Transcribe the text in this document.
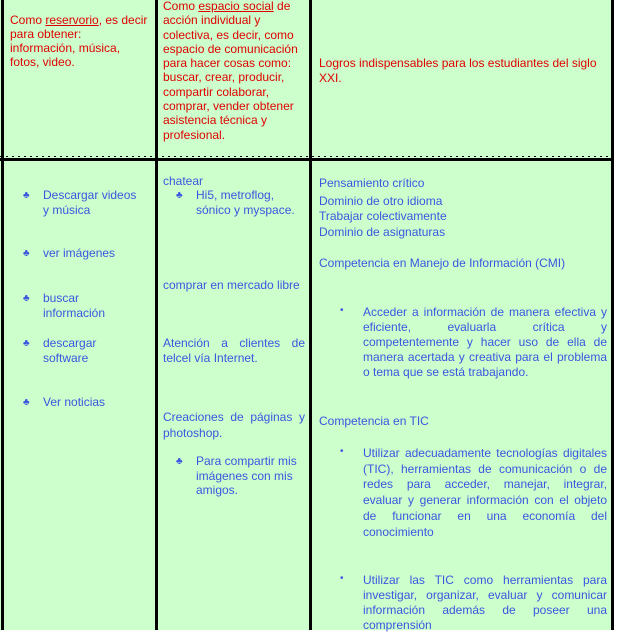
Como reservorio, es decir para obtener: información, música, fotos, video.
Como espacio social de acción individual y colectiva, es decir, como espacio de comunicación para hacer cosas como: buscar, crear, producir, compartir colaborar, comprar, vender obtener asistencia técnica y profesional.
Logros indispensables para los estudiantes del siglo XXI.
♣ Descargar videos y música
♣ ver imágenes
♣ buscar información
♣ descargar software
♣ Ver noticias
chatear
♣ Hi5, metroflog, sónico y myspace.
comprar en mercado libre
Atención a clientes de telcel vía Internet.
Creaciones de páginas y photoshop.
♣ Para compartir mis imágenes con mis amigos.
Pensamiento crítico
Dominio de otro idioma
Trabajar colectivamente
Dominio de asignaturas
Competencia en Manejo de Información (CMI)
• Acceder a información de manera efectiva y eficiente, evaluarla crítica y competentemente y hacer uso de ella de manera acertada y creativa para el problema o tema que se está trabajando.
Competencia en TIC
• Utilizar adecuadamente tecnologías digitales (TIC), herramientas de comunicación o de redes para acceder, manejar, integrar, evaluar y generar información con el objeto de funcionar en una economía del conocimiento
• Utilizar las TIC como herramientas para investigar, organizar, evaluar y comunicar información además de poseer una comprensión
